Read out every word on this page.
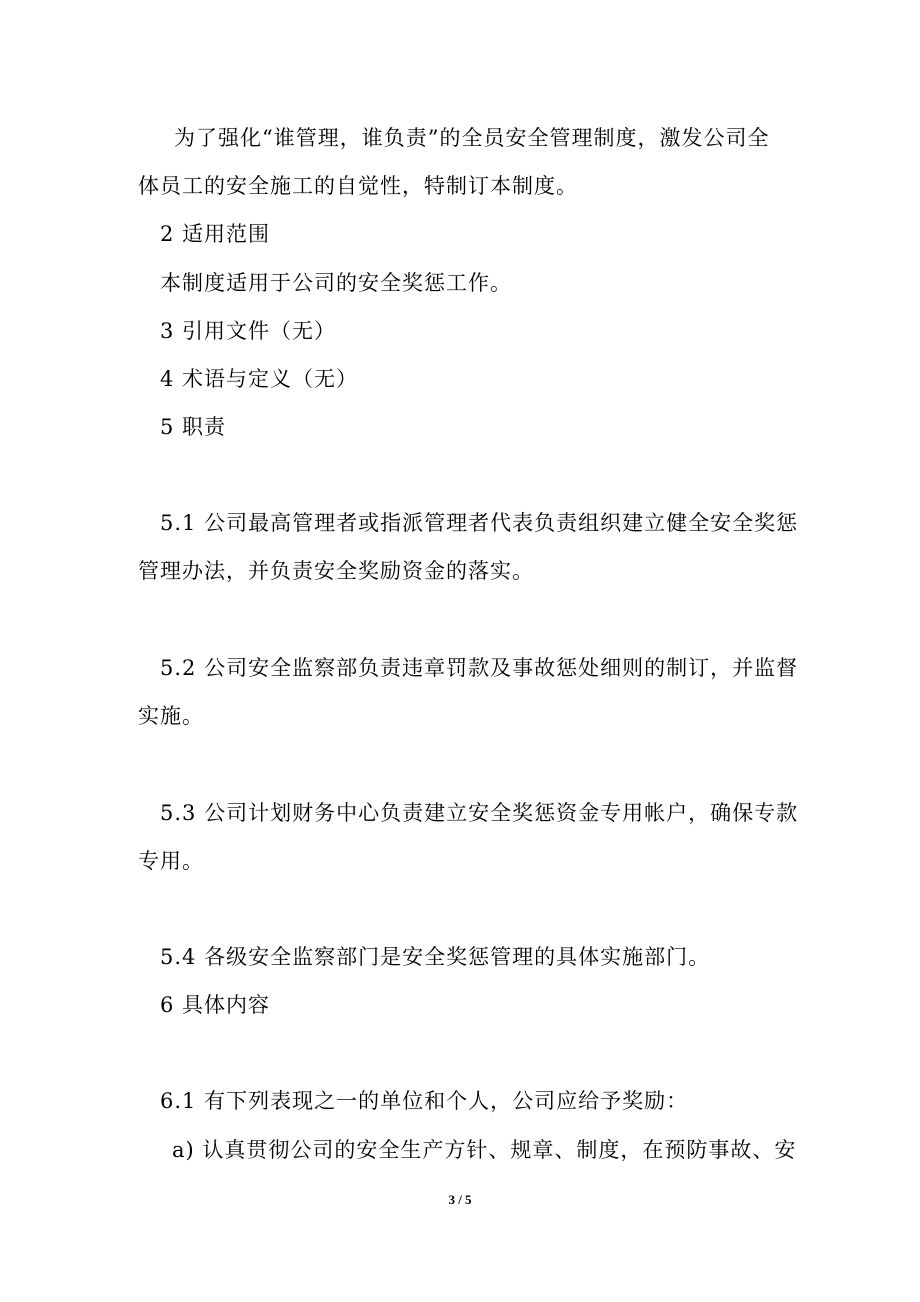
为了强化“谁管理，谁负责”的全员安全管理制度，激发公司全
体员工的安全施工的自觉性，特制订本制度。
2 适用范围
本制度适用于公司的安全奖惩工作。
3 引用文件（无）
4 术语与定义（无）
5 职责
5.1 公司最高管理者或指派管理者代表负责组织建立健全安全奖惩
管理办法，并负责安全奖励资金的落实。
5.2 公司安全监察部负责违章罚款及事故惩处细则的制订，并监督
实施。
5.3 公司计划财务中心负责建立安全奖惩资金专用帐户，确保专款
专用。
5.4 各级安全监察部门是安全奖惩管理的具体实施部门。
6 具体内容
6.1 有下列表现之一的单位和个人，公司应给予奖励：
a) 认真贯彻公司的安全生产方针、规章、制度，在预防事故、安
3 / 5
